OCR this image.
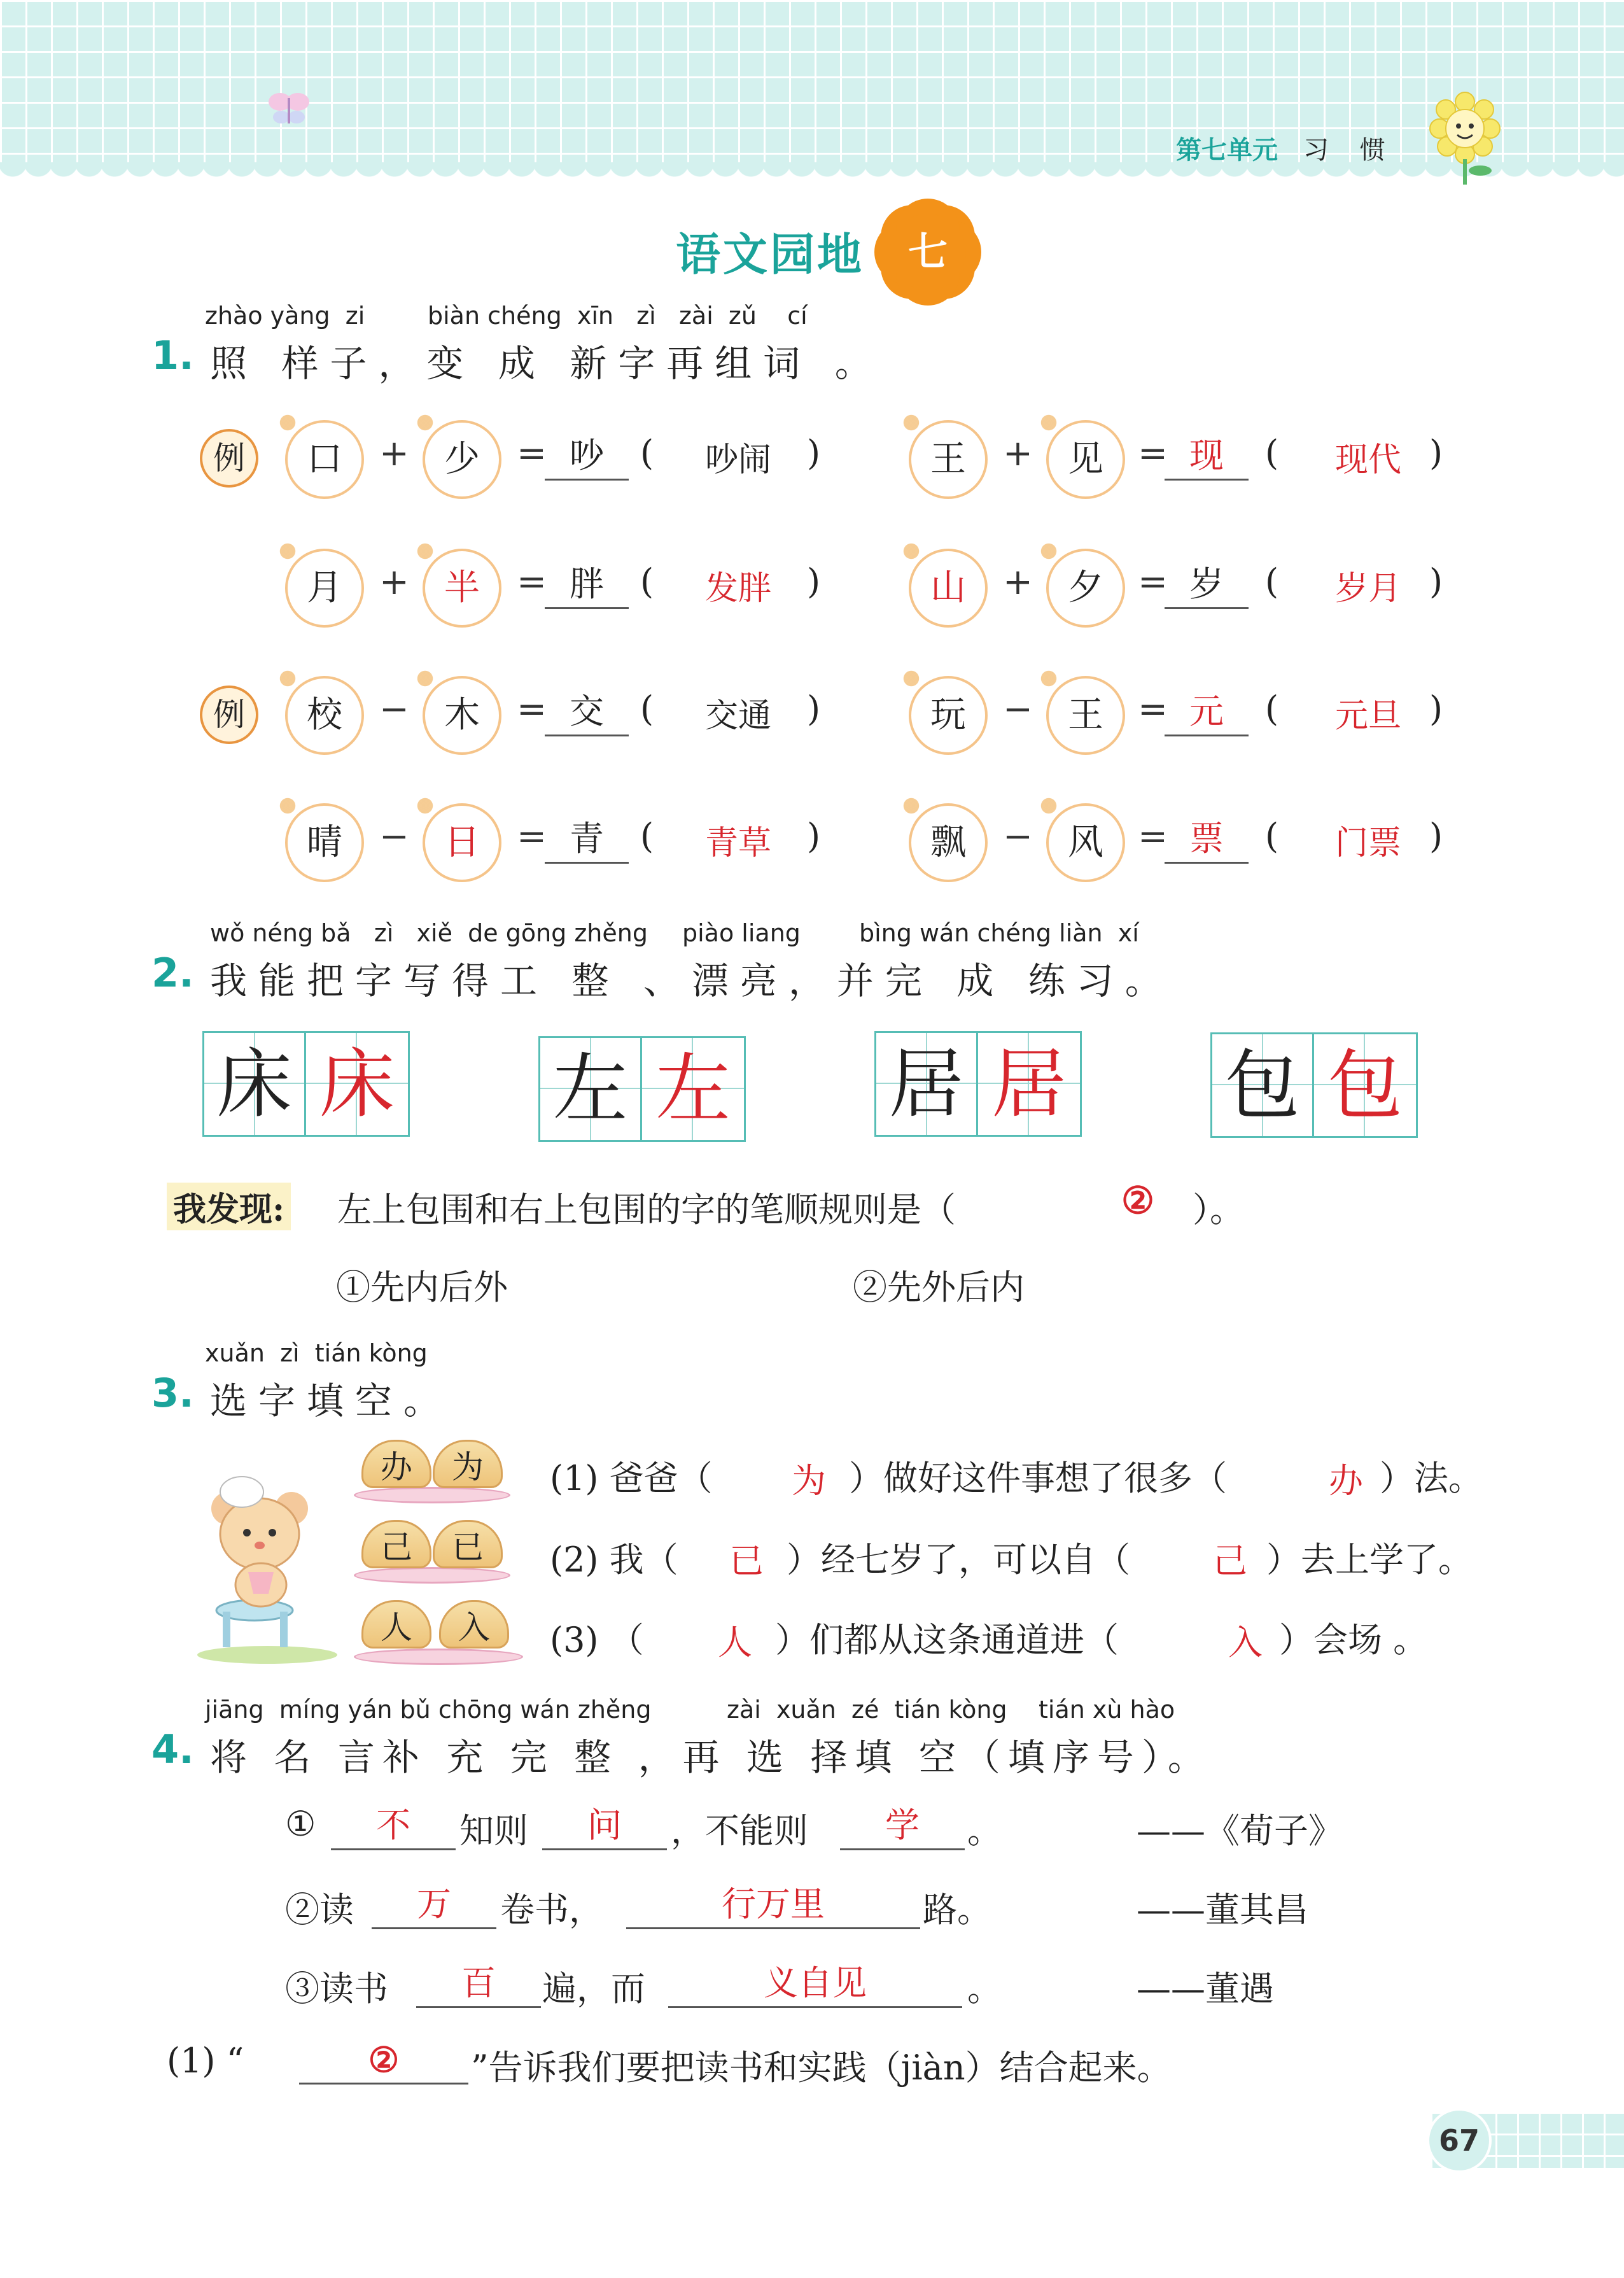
第七单元 习 惯
语文园地	七
zhào yàng  zi	biàn chéng  xīn   zì   zài  zǔ    cí
1. 照 样子，变 成 新字再组词 。
例
例
口	+ 少	= 吵	(	吵闹	)	王	+ 见 = 现	(	现代 )
月	+ 半	= 胖	(	发胖	)	山	+ 夕 = 岁	(	岁月 )
校	− 木	= 交	(	交通	)	玩	− 王 = 元	(	元旦 )
晴	− 日	= 青	(	青草	)	飘	− 风 = 票	(	门票 )
wǒ néng bǎ   zì   xiě  de gōng zhěng piào liang bìng wán chéng liàn  xí
2. 我能把字写得工 整 、漂亮，并完 成 练习。
床 床 左 左 居 居 包 包
我发现: 左上包围和右上包围的字的笔顺规则是（	② ）。
①先内后外	②先外后内
xuǎn  zì  tián kòng
3. 选字填空。
办	为
己	已
人	入
(1) 爸爸（ 为 ）做好这件事想了很多（	办 ）法。
(2) 我（ 已 ）经七岁了，可以自（ 己 ）去上学了。
(3) （ 人 ）们都从这条通道进（	入 ）会场 。
jiāng  míng yán bǔ chōng wán zhěng	zài  xuǎn  zé  tián kòng tián xù hào
4. 将 名 言补 充 完 整 ，再 选 择填 空（填序号）。
①	不	知则	问	，不能则	学	。	——《荀子》
②读	万	卷书，	行万里	路。	——董其昌
③读书	百	遍，而	义自见	。	——董遇
(1) “	②	”告诉我们要把读书和实践（jiàn）结合起来。
67
